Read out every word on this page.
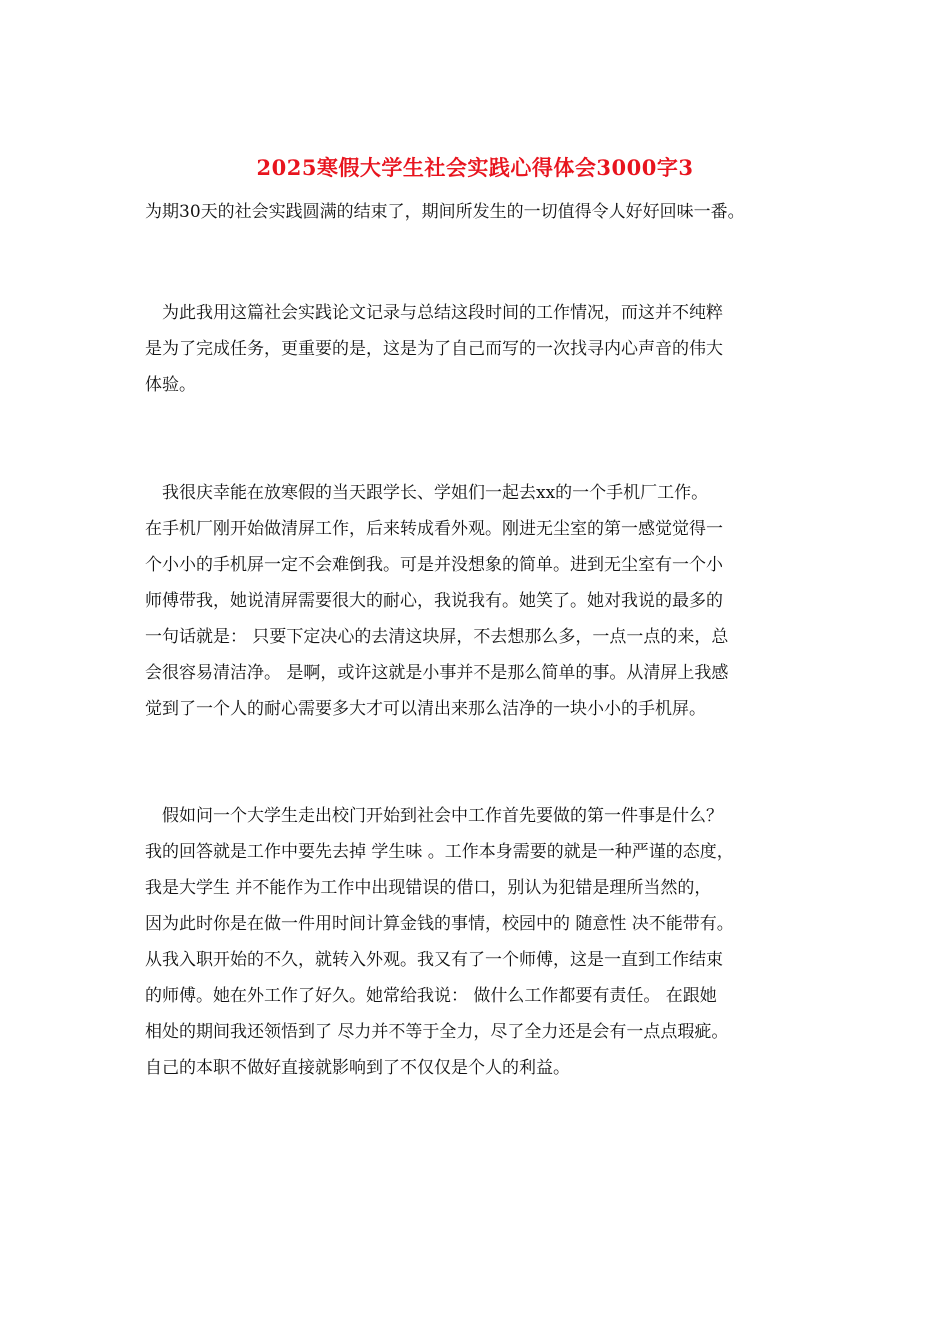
2025寒假大学生社会实践心得体会3000字3
为期30天的社会实践圆满的结束了，期间所发生的一切值得令人好好回味一番。
　为此我用这篇社会实践论文记录与总结这段时间的工作情况，而这并不纯粹
是为了完成任务，更重要的是，这是为了自己而写的一次找寻内心声音的伟大
体验。
　我很庆幸能在放寒假的当天跟学长、学姐们一起去xx的一个手机厂工作。
在手机厂刚开始做清屏工作，后来转成看外观。刚进无尘室的第一感觉觉得一
个小小的手机屏一定不会难倒我。可是并没想象的简单。进到无尘室有一个小
师傅带我，她说清屏需要很大的耐心，我说我有。她笑了。她对我说的最多的
一句话就是： 只要下定决心的去清这块屏，不去想那么多，一点一点的来，总
会很容易清洁净。 是啊，或许这就是小事并不是那么简单的事。从清屏上我感
觉到了一个人的耐心需要多大才可以清出来那么洁净的一块小小的手机屏。
　假如问一个大学生走出校门开始到社会中工作首先要做的第一件事是什么？
我的回答就是工作中要先去掉 学生味 。工作本身需要的就是一种严谨的态度，
我是大学生 并不能作为工作中出现错误的借口，别认为犯错是理所当然的，
因为此时你是在做一件用时间计算金钱的事情，校园中的 随意性 决不能带有。
从我入职开始的不久，就转入外观。我又有了一个师傅，这是一直到工作结束
的师傅。她在外工作了好久。她常给我说： 做什么工作都要有责任。 在跟她
相处的期间我还领悟到了 尽力并不等于全力，尽了全力还是会有一点点瑕疵。
自己的本职不做好直接就影响到了不仅仅是个人的利益。
